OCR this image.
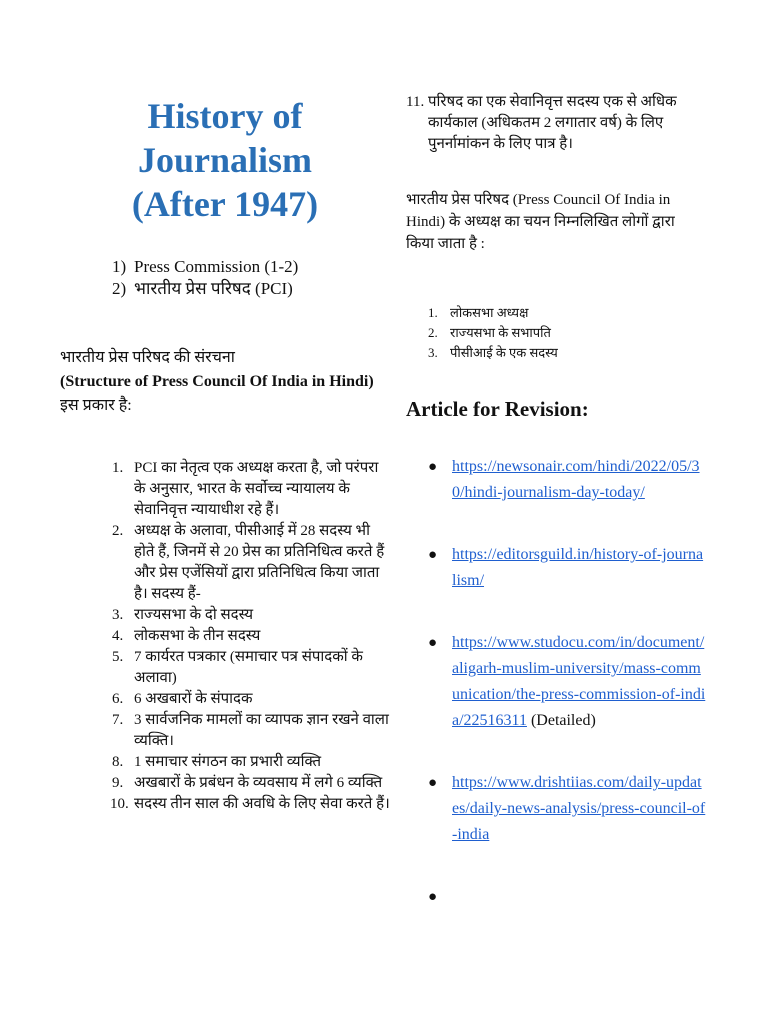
History of
Journalism
(After 1947)
1) Press Commission (1-2)
2) भारतीय प्रेस परिषद (PCI)

भारतीय प्रेस परिषद की संरचना
(Structure of Press Council Of India in Hindi) इस प्रकार है:

1. PCI का नेतृत्व एक अध्यक्ष करता है, जो परंपरा के अनुसार, भारत के सर्वोच्च न्यायालय के सेवानिवृत्त न्यायाधीश रहे हैं।
2. अध्यक्ष के अलावा, पीसीआई में 28 सदस्य भी होते हैं, जिनमें से 20 प्रेस का प्रतिनिधित्व करते हैं और प्रेस एजेंसियों द्वारा प्रतिनिधित्व किया जाता है। सदस्य हैं-
3. राज्यसभा के दो सदस्य
4. लोकसभा के तीन सदस्य
5. 7 कार्यरत पत्रकार (समाचार पत्र संपादकों के अलावा)
6. 6 अखबारों के संपादक
7. 3 सार्वजनिक मामलों का व्यापक ज्ञान रखने वाला व्यक्ति।
8. 1 समाचार संगठन का प्रभारी व्यक्ति
9. अखबारों के प्रबंधन के व्यवसाय में लगे 6 व्यक्ति
10. सदस्य तीन साल की अवधि के लिए सेवा करते हैं।
11. परिषद का एक सेवानिवृत्त सदस्य एक से अधिक कार्यकाल (अधिकतम 2 लगातार वर्ष) के लिए पुनर्नामांकन के लिए पात्र है।

भारतीय प्रेस परिषद (Press Council Of India in Hindi) के अध्यक्ष का चयन निम्नलिखित लोगों द्वारा किया जाता है :

1. लोकसभा अध्यक्ष
2. राज्यसभा के सभापति
3. पीसीआई के एक सदस्य
Article for Revision:
● https://newsonair.com/hindi/2022/05/30/hindi-journalism-day-today/
● https://editorsguild.in/history-of-journalism/
● https://www.studocu.com/in/document/aligarh-muslim-university/mass-communication/the-press-commission-of-india/22516311 (Detailed)
● https://www.drishtiias.com/daily-updates/daily-news-analysis/press-council-of-india
●
